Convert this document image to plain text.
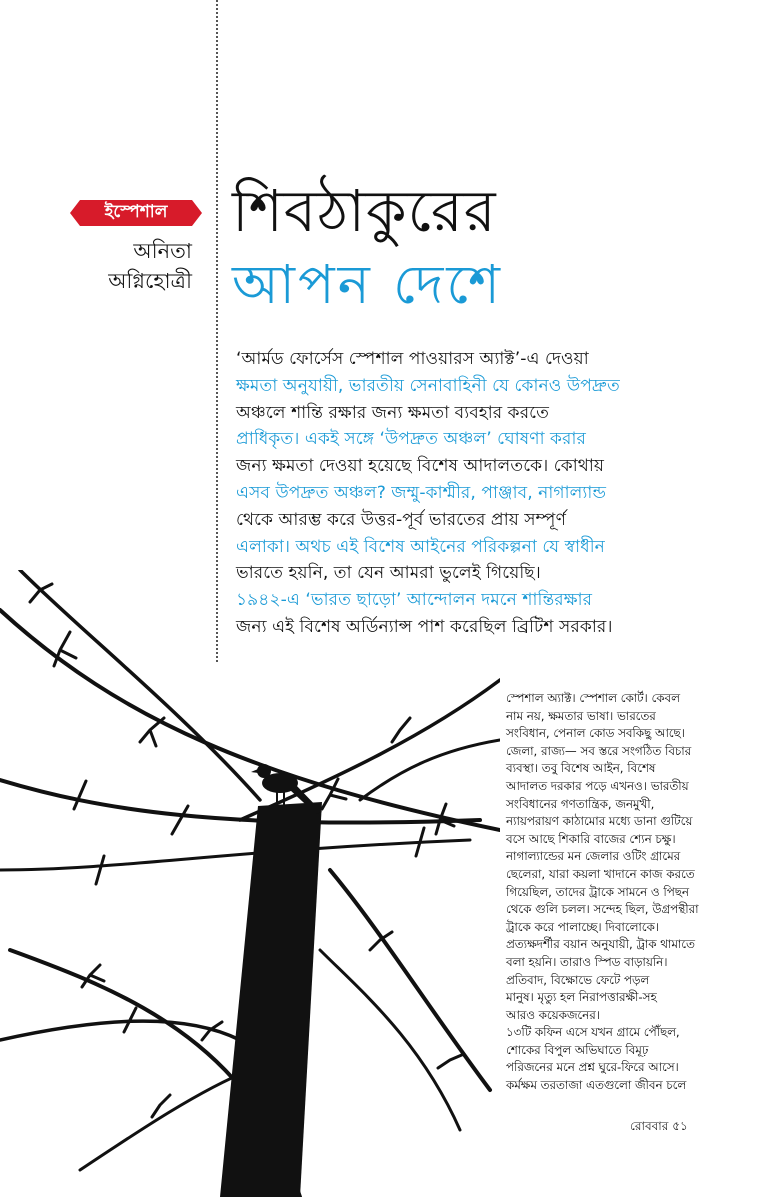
ইস্পেশাল
অনিতা
অগ্নিহোত্রী
শিবঠাকুরের
আপন দেশে
‘আর্মড ফোর্সেস স্পেশাল পাওয়ারস অ্যাক্ট’-এ দেওয়া
ক্ষমতা অনুযায়ী, ভারতীয় সেনাবাহিনী যে কোনও উপদ্রুত
অঞ্চলে শান্তি রক্ষার জন্য ক্ষমতা ব্যবহার করতে
প্রাধিকৃত। একই সঙ্গে ‘উপদ্রুত অঞ্চল’ ঘোষণা করার
জন্য ক্ষমতা দেওয়া হয়েছে বিশেষ আদালতকে। কোথায়
এসব উপদ্রুত অঞ্চল? জম্মু-কাশ্মীর, পাঞ্জাব, নাগাল্যান্ড
থেকে আরম্ভ করে উত্তর-পূর্ব ভারতের প্রায় সম্পূর্ণ
এলাকা। অথচ এই বিশেষ আইনের পরিকল্পনা যে স্বাধীন
ভারতে হয়নি, তা যেন আমরা ভুলেই গিয়েছি।
১৯৪২-এ ‘ভারত ছাড়ো’ আন্দোলন দমনে শান্তিরক্ষার
জন্য এই বিশেষ অর্ডিন্যান্স পাশ করেছিল ব্রিটিশ সরকার।
স্পেশাল অ্যাক্ট। স্পেশাল কোর্ট। কেবল
নাম নয়, ক্ষমতার ভাষা। ভারতের
সংবিধান, পেনাল কোড সবকিছু আছে।
জেলা, রাজ্য— সব স্তরে সংগঠিত বিচার
ব্যবস্থা। তবু বিশেষ আইন, বিশেষ
আদালত দরকার পড়ে এখনও। ভারতীয়
সংবিধানের গণতান্ত্রিক, জনমুখী,
ন্যায়পরায়ণ কাঠামোর মধ্যে ডানা গুটিয়ে
বসে আছে শিকারি বাজের শ্যেন চক্ষু।
নাগাল্যান্ডের মন জেলার ওটিং গ্রামের
ছেলেরা, যারা কয়লা খাদানে কাজ করতে
গিয়েছিল, তাদের ট্রাকে সামনে ও পিছন
থেকে গুলি চলল। সন্দেহ ছিল, উগ্রপন্থীরা
ট্রাকে করে পালাচ্ছে। দিবালোকে।
প্রত্যক্ষদর্শীর বয়ান অনুযায়ী, ট্রাক থামাতে
বলা হয়নি। তারাও স্পিড বাড়ায়নি।
প্রতিবাদ, বিক্ষোভে ফেটে পড়ল
মানুষ। মৃত্যু হল নিরাপত্তারক্ষী-সহ
আরও কয়েকজনের।
১৩টি কফিন এসে যখন গ্রামে পৌঁছল,
শোকের বিপুল অভিঘাতে বিমূঢ়
পরিজনের মনে প্রশ্ন ঘুরে-ফিরে আসে।
কর্মক্ষম তরতাজা এতগুলো জীবন চলে
রোববার ৫১
